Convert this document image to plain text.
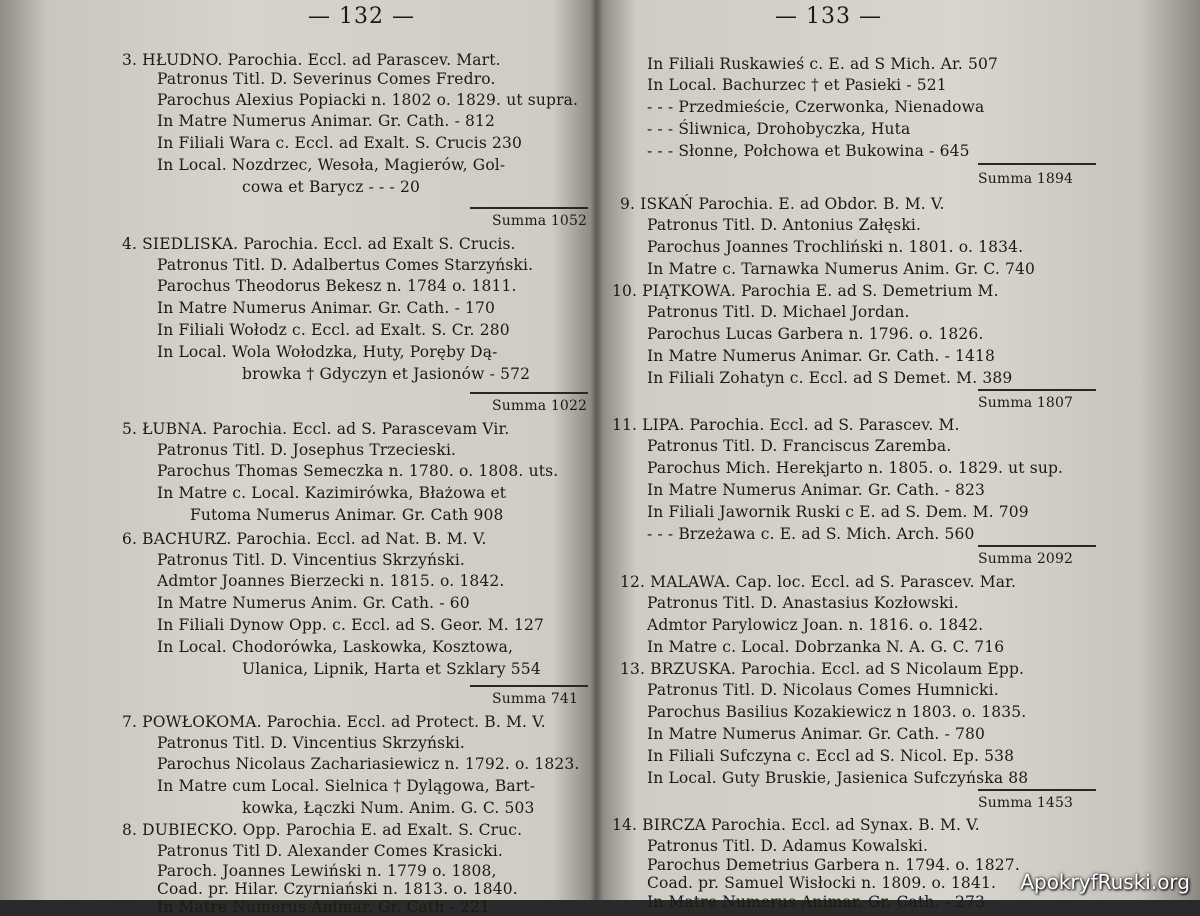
— 132 —
3. HŁUDNO. Parochia. Eccl. ad Parascev. Mart.
Patronus Titl. D. Severinus Comes Fredro.
Parochus Alexius Popiacki n. 1802 o. 1829. ut supra.
In Matre Numerus Animar. Gr. Cath. - 812
In Filiali Wara c. Eccl. ad Exalt. S. Crucis 230
In Local. Nozdrzec, Wesoła, Magierów, Gol-
cowa et Barycz - - - 20
Summa 1052
4. SIEDLISKA. Parochia. Eccl. ad Exalt S. Crucis.
Patronus Titl. D. Adalbertus Comes Starzyński.
Parochus Theodorus Bekesz n. 1784 o. 1811.
In Matre Numerus Animar. Gr. Cath. - 170
In Filiali Wołodz c. Eccl. ad Exalt. S. Cr. 280
In Local. Wola Wołodzka, Huty, Poręby Dą-
browka † Gdyczyn et Jasionów - 572
Summa 1022
5. ŁUBNA. Parochia. Eccl. ad S. Parascevam Vir.
Patronus Titl. D. Josephus Trzecieski.
Parochus Thomas Semeczka n. 1780. o. 1808. uts.
In Matre c. Local. Kazimirówka, Błażowa et
Futoma Numerus Animar. Gr. Cath 908
6. BACHURZ. Parochia. Eccl. ad Nat. B. M. V.
Patronus Titl. D. Vincentius Skrzyński.
Admtor Joannes Bierzecki n. 1815. o. 1842.
In Matre Numerus Anim. Gr. Cath. - 60
In Filiali Dynow Opp. c. Eccl. ad S. Geor. M. 127
In Local. Chodorówka, Laskowka, Kosztowa,
Ulanica, Lipnik, Harta et Szklary 554
Summa 741
7. POWŁOKOMA. Parochia. Eccl. ad Protect. B. M. V.
Patronus Titl. D. Vincentius Skrzyński.
Parochus Nicolaus Zachariasiewicz n. 1792. o. 1823.
In Matre cum Local. Sielnica † Dylągowa, Bart-
kowka, Łączki Num. Anim. G. C. 503
8. DUBIECKO. Opp. Parochia E. ad Exalt. S. Cruc.
Patronus Titl D. Alexander Comes Krasicki.
Paroch. Joannes Lewiński n. 1779 o. 1808,
Coad. pr. Hilar. Czyrniański n. 1813. o. 1840.
In Matre Numerus Animar. Gr. Cath - 221
— 133 —
In Filiali Ruskawieś c. E. ad S Mich. Ar. 507
In Local. Bachurzec † et Pasieki - 521
- - - Przedmieście, Czerwonka, Nienadowa
- - - Śliwnica, Drohobyczka, Huta
- - - Słonne, Połchowa et Bukowina - 645
Summa 1894
9. ISKAŃ Parochia. E. ad Obdor. B. M. V.
Patronus Titl. D. Antonius Załęski.
Parochus Joannes Trochliński n. 1801. o. 1834.
In Matre c. Tarnawka Numerus Anim. Gr. C. 740
10. PIĄTKOWA. Parochia E. ad S. Demetrium M.
Patronus Titl. D. Michael Jordan.
Parochus Lucas Garbera n. 1796. o. 1826.
In Matre Numerus Animar. Gr. Cath. - 1418
In Filiali Zohatyn c. Eccl. ad S Demet. M. 389
Summa 1807
11. LIPA. Parochia. Eccl. ad S. Parascev. M.
Patronus Titl. D. Franciscus Zaremba.
Parochus Mich. Herekjarto n. 1805. o. 1829. ut sup.
In Matre Numerus Animar. Gr. Cath. - 823
In Filiali Jawornik Ruski c E. ad S. Dem. M. 709
- - - Brzeżawa c. E. ad S. Mich. Arch. 560
Summa 2092
12. MALAWA. Cap. loc. Eccl. ad S. Parascev. Mar.
Patronus Titl. D. Anastasius Kozłowski.
Admtor Parylowicz Joan. n. 1816. o. 1842.
In Matre c. Local. Dobrzanka N. A. G. C. 716
13. BRZUSKA. Parochia. Eccl. ad S Nicolaum Epp.
Patronus Titl. D. Nicolaus Comes Humnicki.
Parochus Basilius Kozakiewicz n 1803. o. 1835.
In Matre Numerus Animar. Gr. Cath. - 780
In Filiali Sufczyna c. Eccl ad S. Nicol. Ep. 538
In Local. Guty Bruskie, Jasienica Sufczyńska 88
Summa 1453
14. BIRCZA Parochia. Eccl. ad Synax. B. M. V.
Patronus Titl. D. Adamus Kowalski.
Parochus Demetrius Garbera n. 1794. o. 1827.
Coad. pr. Samuel Wisłocki n. 1809. o. 1841.
In Matre Numerus Animar. Gr. Cath. - 273
ApokryfRuski.org
